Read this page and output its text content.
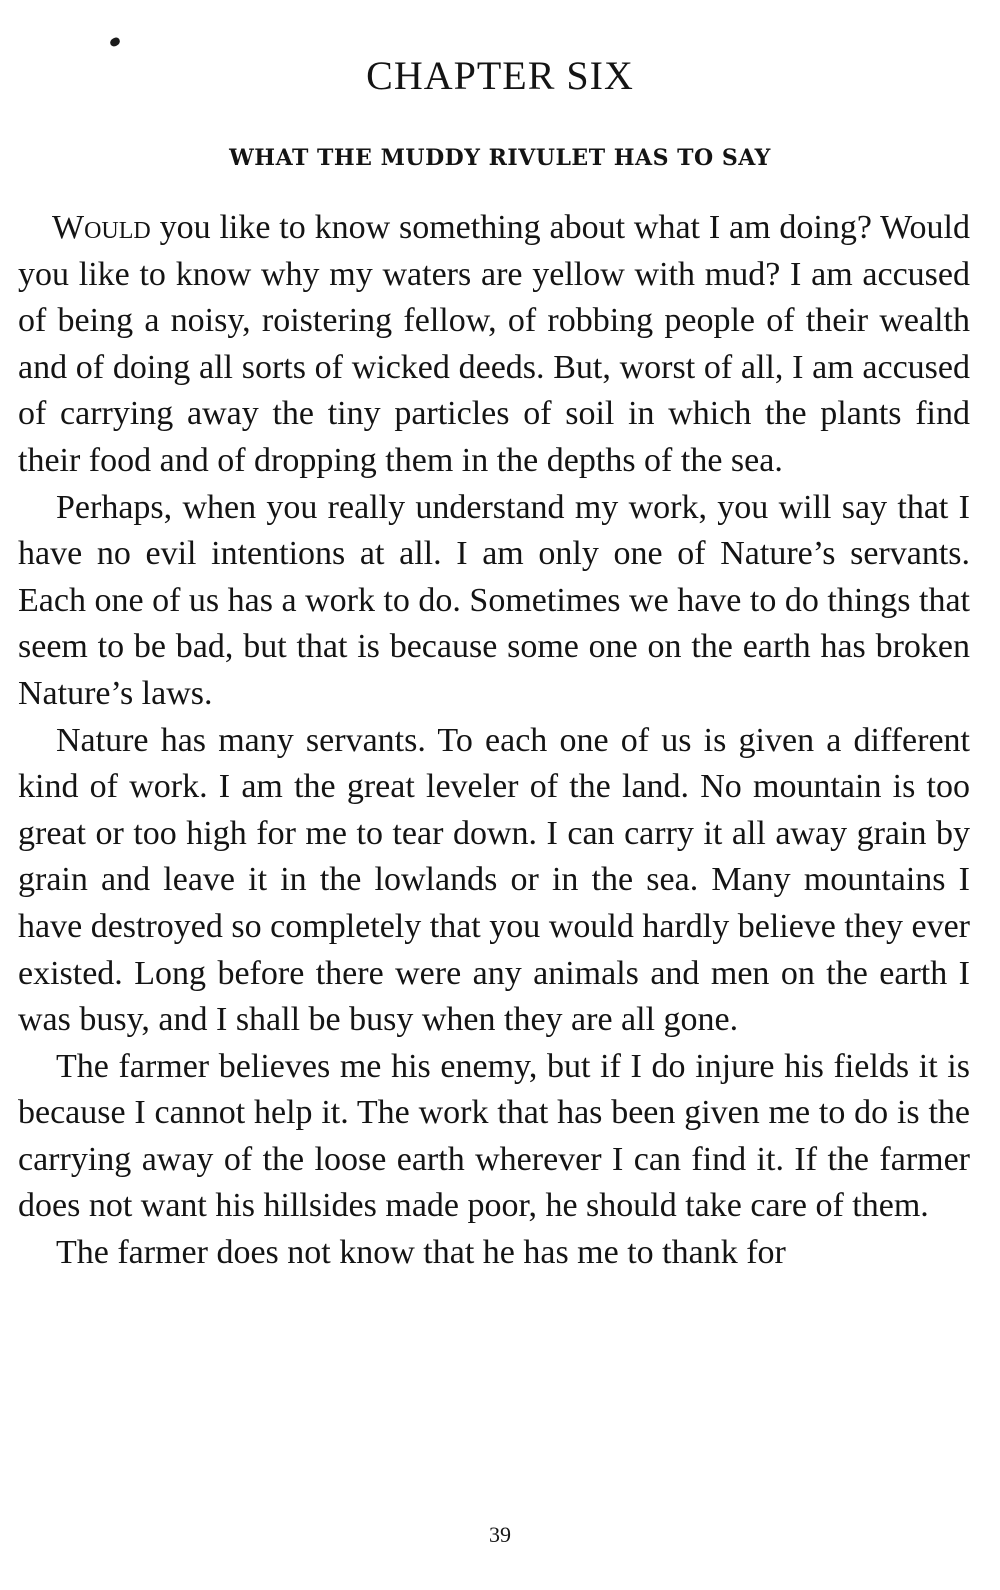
CHAPTER SIX
WHAT THE MUDDY RIVULET HAS TO SAY

Would you like to know something about what I am doing? Would you like to know why my waters are yellow with mud? I am accused of being a noisy, roistering fellow, of robbing people of their wealth and of doing all sorts of wicked deeds. But, worst of all, I am accused of carrying away the tiny particles of soil in which the plants find their food and of dropping them in the depths of the sea.

Perhaps, when you really understand my work, you will say that I have no evil intentions at all. I am only one of Nature’s servants. Each one of us has a work to do. Sometimes we have to do things that seem to be bad, but that is because some one on the earth has broken Nature’s laws.

Nature has many servants. To each one of us is given a different kind of work. I am the great leveler of the land. No mountain is too great or too high for me to tear down. I can carry it all away grain by grain and leave it in the lowlands or in the sea. Many mountains I have destroyed so completely that you would hardly believe they ever existed. Long before there were any animals and men on the earth I was busy, and I shall be busy when they are all gone.

The farmer believes me his enemy, but if I do injure his fields it is because I cannot help it. The work that has been given me to do is the carrying away of the loose earth wherever I can find it. If the farmer does not want his hillsides made poor, he should take care of them.

The farmer does not know that he has me to thank for

39
